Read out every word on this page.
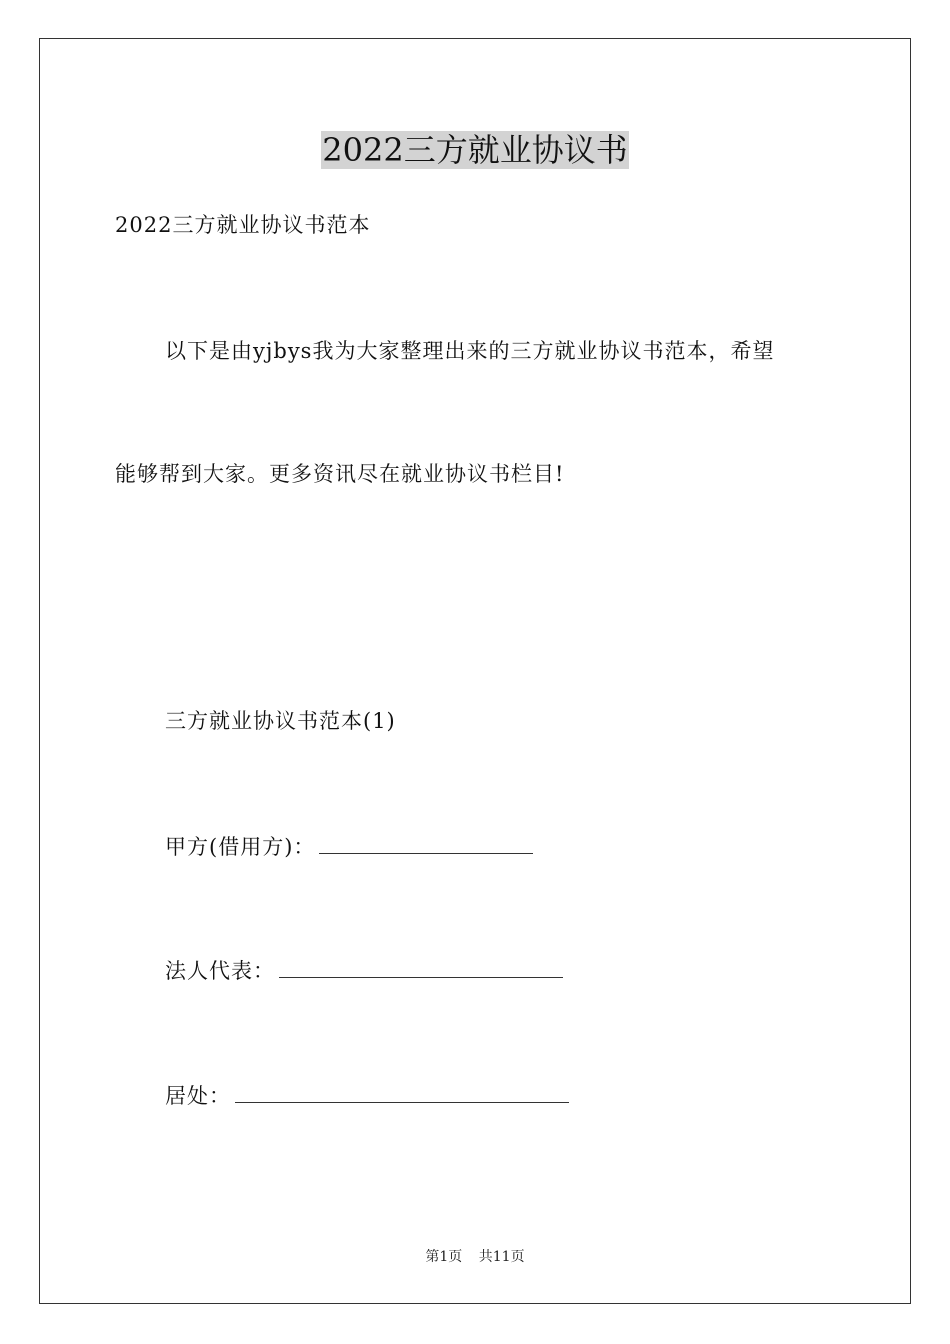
2022三方就业协议书
2022三方就业协议书范本
以下是由yjbys我为大家整理出来的三方就业协议书范本，希望
能够帮到大家。更多资讯尽在就业协议书栏目!
三方就业协议书范本(1)
甲方(借用方)：
法人代表：
居处：
第1页 共11页
